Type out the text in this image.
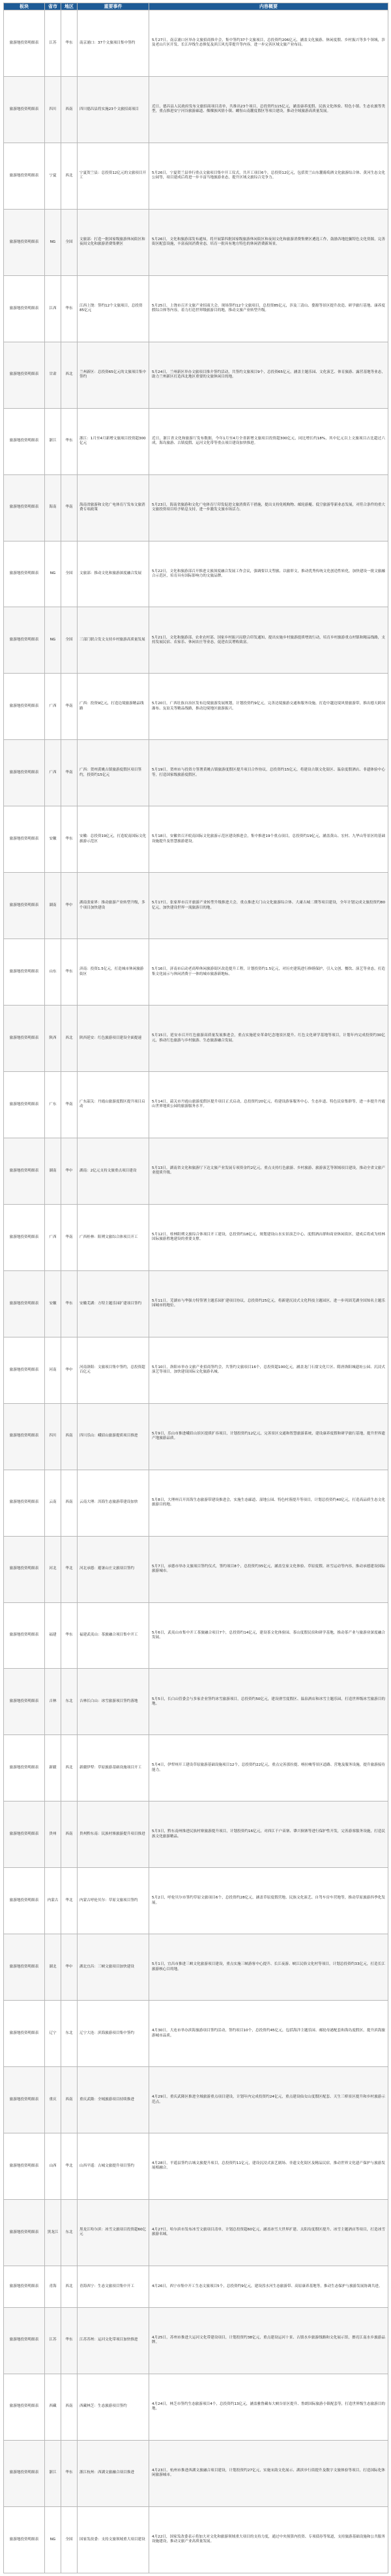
板块	省市	地区	重要事件	内容概要
旅游地投资明细表	江苏	华东	南京浦口：37个文旅项目集中签约	5月27日，南京浦口区举办文旅招商推介会，集中签约37个文旅项目，总投资约206亿元，涵盖文化旅游、休闲度假、乡村振兴等多个领域，涉及老山片区开发、长江岸线生态修复及滨江风光带提升等内容，进一步完善区域文旅产业布局。
旅游地投资明细表	四川	西南	四川德昌县将实施23个文旅招商项目	近日，德昌县人民政府发布文旅招商项目清单，共推出23个项目，总投资约115亿元，涵盖康养度假、民族文化体验、特色小镇、生态农旅等类型，重点推进安宁河谷旅游廊道、傈僳族风情小镇、螺髻山南麓度假区等项目建设，推动全域旅游高质量发展。
旅游地投资明细表	宁夏	西北	宁夏贺兰县：总投资12亿元的文旅项目开工	5月26日，宁夏贺兰县举行重点文旅项目集中开工仪式，共开工项目6个，总投资12亿元，包括贺兰山东麓葡萄酒文化旅游综合体、黄河生态文化公园等，项目建成后将进一步丰富当地旅游业态，提升区域文旅综合竞争力。
旅游地投资明细表	NG	全国	文旅部：打造一批国家级旅游休闲街区和夜间文化和旅游消费集聚区	5月26日，文化和旅游部发布通知，将开展第四批国家级旅游休闲街区和夜间文化和旅游消费集聚区遴选工作，鼓励各地挖掘特色文化资源，完善街区配套设施，丰富夜间消费业态，培育一批具有地方特色的休闲消费新场景。
旅游地投资明细表	江西	华东	江西上饶：签约12个文旅项目，总投资85亿元	5月25日，上饶市召开文旅产业招商大会，现场签约12个文旅项目，总投资85亿元，涉及三清山、婺源等景区提升改造、研学旅行基地、康养度假综合体等内容，着力打造世界级旅游目的地，推动文旅产业转型升级。
旅游地投资明细表	甘肃	西北	兰州新区：总投资65亿元的文旅项目集中签约	5月24日，兰州新区举办文旅项目推介签约活动，共签约文旅项目9个，总投资65亿元，涵盖主题乐园、文化演艺、体育旅游、露营基地等业态，助力兰州新区打造西北地区重要的文旅休闲目的地。
旅游地投资明细表	浙江	华东	浙江：1月至4月新增文旅项目投资超300亿元	近日，浙江省文化和旅游厅发布数据，今年1月至4月全省新增文旅项目投资超300亿元，同比增长约18%，其中亿元以上文旅项目占比超过六成，海岛旅游、古镇度假、运河文化带等重点项目建设加快推进。
旅游地投资明细表	海南	华南	海南省旅游和文化广电体育厅发布文旅消费专项政策	5月23日，海南省旅游和文化广电体育厅印发促进文旅消费若干措施，提出支持免税购物、邮轮游艇、低空旅游等新业态发展，对符合条件的重大文旅投资项目给予贴息支持，进一步激发文旅市场活力。
旅游地投资明细表	NG	全国	文旅部：推动文化和旅游深度融合发展	5月22日，文化和旅游部召开推进文旅深度融合发展工作会议，强调要以文塑旅、以旅彰文，推动优秀传统文化创造性转化，加快建设一批文旅融合示范区，培育具有国际影响力的文旅品牌。
旅游地投资明细表	NG	全国	三部门联合发文支持乡村旅游高质量发展	5月21日，文化和旅游部、农业农村部、国家乡村振兴局联合印发通知，提出实施乡村旅游提质增效行动，培育乡村旅游重点村镇和精品线路，支持发展民宿、农家乐、休闲农庄等业态，促进农民增收致富。
旅游地投资明细表	广西	华南	广西：投资9亿元，打造边境旅游精品线路	5月20日，广西壮族自治区发布边境旅游发展规划，计划投资约9亿元，完善边境旅游交通和服务设施，打造中越边境风情旅游带，推出德天跨国瀑布、友谊关等精品线路，推动边境地区旅游振兴。
旅游地投资明细表	广西	华南	广西：贺州黄姚古镇旅游度假区项目签约，投资约15亿元	5月19日，贺州市与投资方签署黄姚古镇旅游度假区提升项目合作协议，总投资约15亿元，将建设古镇文化街区、温泉度假酒店、非遗体验中心等，打造国家级旅游度假区。
旅游地投资明细表	安徽	华东	安徽：总投资19亿元，打造皖南国际文化旅游示范区	5月18日，安徽省召开皖南国际文化旅游示范区建设推进会，集中推进19个重点项目，总投资约19亿元，涵盖黄山、宏村、九华山等景区的基础设施提升及智慧旅游建设。
旅游地投资明细表	湖南	华中	湖南张家界：推动旅游产业转型升级，多个项目加快建设	5月17日，张家界市召开旅游产业转型升级推进大会，重点推进天门山文化旅游综合体、大庸古城二期等项目建设，全年计划完成文旅投资约80亿元，加快建设世界一流旅游目的地。
旅游地投资明细表	山东	华东	济南：投资1.5亿元，打造城市休闲旅游街区	5月16日，济南市启动老商埠休闲旅游街区改造提升工程，计划投资约1.5亿元，对历史建筑进行修缮保护，引入文创、餐饮、演艺等业态，打造集文化展示与休闲消费于一体的城市旅游新地标。
旅游地投资明细表	陕西	西北	陕西延安：红色旅游项目建设全面提速	5月15日，延安市召开红色旅游高质量发展推进会，重点实施延安革命纪念地景区提升、红色文化研学基地等项目，计划年内完成投资约30亿元，推动红色旅游与乡村旅游、生态旅游融合发展。
旅游地投资明细表	广东	华南	广东韶关：丹霞山旅游度假区提升项目启动	5月14日，韶关市丹霞山旅游度假区提升项目正式启动，总投资约20亿元，将建设游客服务中心、生态步道、特色民宿集群等，进一步提升丹霞山世界地质公园的旅游服务水平。
旅游地投资明细表	湖南	华中	湖南：2亿元支持文旅重点项目建设	5月13日，湖南省文化和旅游厅下达文旅产业发展专项资金约2亿元，重点支持红色旅游、乡村旅游、旅游演艺等领域项目建设，推动全省文旅产业提质升级。
旅游地投资明细表	广西	华南	广西桂林：阳朔文旅综合体项目开工	5月12日，桂林阳朔文旅综合体项目开工建设，总投资约18亿元，规划建设山水实景演艺中心、度假酒店群和商业休闲街区，建成后将成为桂林国际旅游胜地建设的重要支撑。
旅游地投资明细表	安徽	华东	安徽芜湖：方特主题乐园扩建项目签约	5月11日，芜湖市与华强方特签署主题乐园扩建项目协议，总投资约25亿元，将新建沉浸式文化科技主题园区，进一步巩固芜湖全国知名主题乐园城市的地位。
旅游地投资明细表	河南	华中	河南洛阳：文旅项目集中签约，总投资超百亿元	5月10日，洛阳市举办文旅产业招商签约会，共签约文旅项目16个，总投资超100亿元，涵盖龙门石窟文化片区、隋唐洛阳城遗址公园、沉浸式演艺等项目，加快建设国际文化旅游名城。
旅游地投资明细表	四川	西南	四川乐山：峨眉山旅游提质项目推进	5月9日，乐山市推进峨眉山景区提质扩容项目，计划投资约12亿元，完善景区交通和智慧旅游系统，建设康养度假和研学旅行基地，提升世界遗产地旅游品质。
旅游地投资明细表	云南	西南	云南大理：洱海生态旅游带建设加快	5月8日，大理州召开洱海生态旅游带建设推进会，实施生态廊道、湿地公园、特色村落提升等项目，计划总投资约40亿元，打造高品质生态文化旅游目的地。
旅游地投资明细表	河北	华北	河北承德：避暑山庄文旅项目签约	5月7日，承德市举办文旅项目签约仪式，签约项目8个，总投资约35亿元，涵盖皇家文化体验、草原度假、冰雪运动等内容，推动承德建设国际旅游城市。
旅游地投资明细表	福建	华东	福建武夷山：茶旅融合项目集中开工	5月6日，武夷山市集中开工茶旅融合项目7个，总投资约14亿元，建设茶文化体验园、茶山度假民宿和研学基地，推动茶产业与旅游业深度融合发展。
旅游地投资明细表	吉林	东北	吉林长白山：冰雪旅游项目签约落地	5月5日，长白山管委会与多家企业签约冰雪旅游项目，总投资约50亿元，建设滑雪度假区、温泉酒店和冰雪主题乐园，打造世界级冰雪旅游目的地。
旅游地投资明细表	新疆	西北	新疆伊犁：草原旅游基础设施项目开工	5月4日，伊犁州开工建设草原旅游基础设施项目12个，总投资约22亿元，重点完善那拉提、喀拉峻等景区道路、营地及服务设施，提升旅游接待能力。
旅游地投资明细表	贵州	西南	贵州黔东南：民族村寨旅游提升项目推进	5月3日，黔东南州推进民族村寨旅游提升项目，计划投资约16亿元，对西江千户苗寨、肇兴侗寨等进行保护性开发，完善游客服务设施，打造民族文化旅游精品。
旅游地投资明细表	内蒙古	华北	内蒙古呼伦贝尔：草原文旅项目签约	5月2日，呼伦贝尔市签约草原文旅项目6个，总投资约28亿元，涵盖草原度假营地、民族文化演艺、自驾车房车营地等，推动草原旅游四季化发展。
旅游地投资明细表	湖北	华中	湖北宜昌：三峡文旅项目加快建设	5月1日，宜昌市推进三峡文化旅游项目建设，重点实施三峡游客中心提升、长江夜游、峡江民俗文化村等项目，计划总投资约33亿元，打造长江旅游核心目的地。
旅游地投资明细表	辽宁	东北	辽宁大连：滨海旅游项目集中签约	4月30日，大连市举办滨海旅游项目签约活动，签约项目10个，总投资约45亿元，包括海洋主题乐园、邮轮母港配套和海岛度假区，提升滨海旅游城市品质。
旅游地投资明细表	重庆	西南	重庆武隆：全域旅游项目持续推进	4月29日，重庆武隆区推进全域旅游重点项目建设，计划年内完成投资约24亿元，重点建设仙女山度假区配套、天生三桥景区提升和乡村旅游示范点。
旅游地投资明细表	山西	华北	山西平遥：古城文旅提升项目签约	4月28日，平遥县签约古城文旅提升项目，总投资约11亿元，建设沉浸式演艺剧场、非遗文化街区及精品民宿，推动世界文化遗产保护与旅游发展相融合。
旅游地投资明细表	黑龙江	东北	黑龙江哈尔滨：冰雪文旅项目投资超60亿元	4月27日，哈尔滨市发布冰雪文旅项目清单，计划总投资超60亿元，涵盖冰雪大世界扩建、太阳岛度假区提升、冰雪主题酒店等项目，打造冰雪旅游名城。
旅游地投资明细表	青海	西北	青海西宁：生态文旅项目集中开工	4月26日，西宁市集中开工生态文旅项目5个，总投资约9亿元，建设湟水河生态旅游带、高原康养基地等，推动生态保护与旅游发展协调共进。
旅游地投资明细表	江苏	华东	江苏苏州：运河文化带项目加快推进	4月25日，苏州市推进大运河文化带建设项目，计划投资约38亿元，重点建设运河十景、古镇水乡旅游线路和文化展示馆，擦亮江南水乡旅游品牌。
旅游地投资明细表	西藏	西南	西藏林芝：生态旅游项目签约	4月24日，林芝市签约生态旅游项目4个，总投资约13亿元，涵盖雅鲁藏布大峡谷景区提升、鲁朗国际旅游小镇配套等，打造世界级生态旅游目的地。
旅游地投资明细表	浙江	华东	浙江杭州：西湖文旅融合项目推进	4月23日，杭州市推进西湖文旅融合项目建设，计划投资约27亿元，实施宋韵文化展示、湖滨步行街提升及数字文旅体验等项目，打造国际化休闲旅游城市。
旅游地投资明细表	NG	全国	国家发改委：支持文旅领域重大项目建设	4月22日，国家发改委表示将加大对文化和旅游领域重大项目的支持力度，通过中央预算内投资、专项债券等渠道，支持旅游基础设施和公共服务设施建设，推动文旅产业高质量发展。
